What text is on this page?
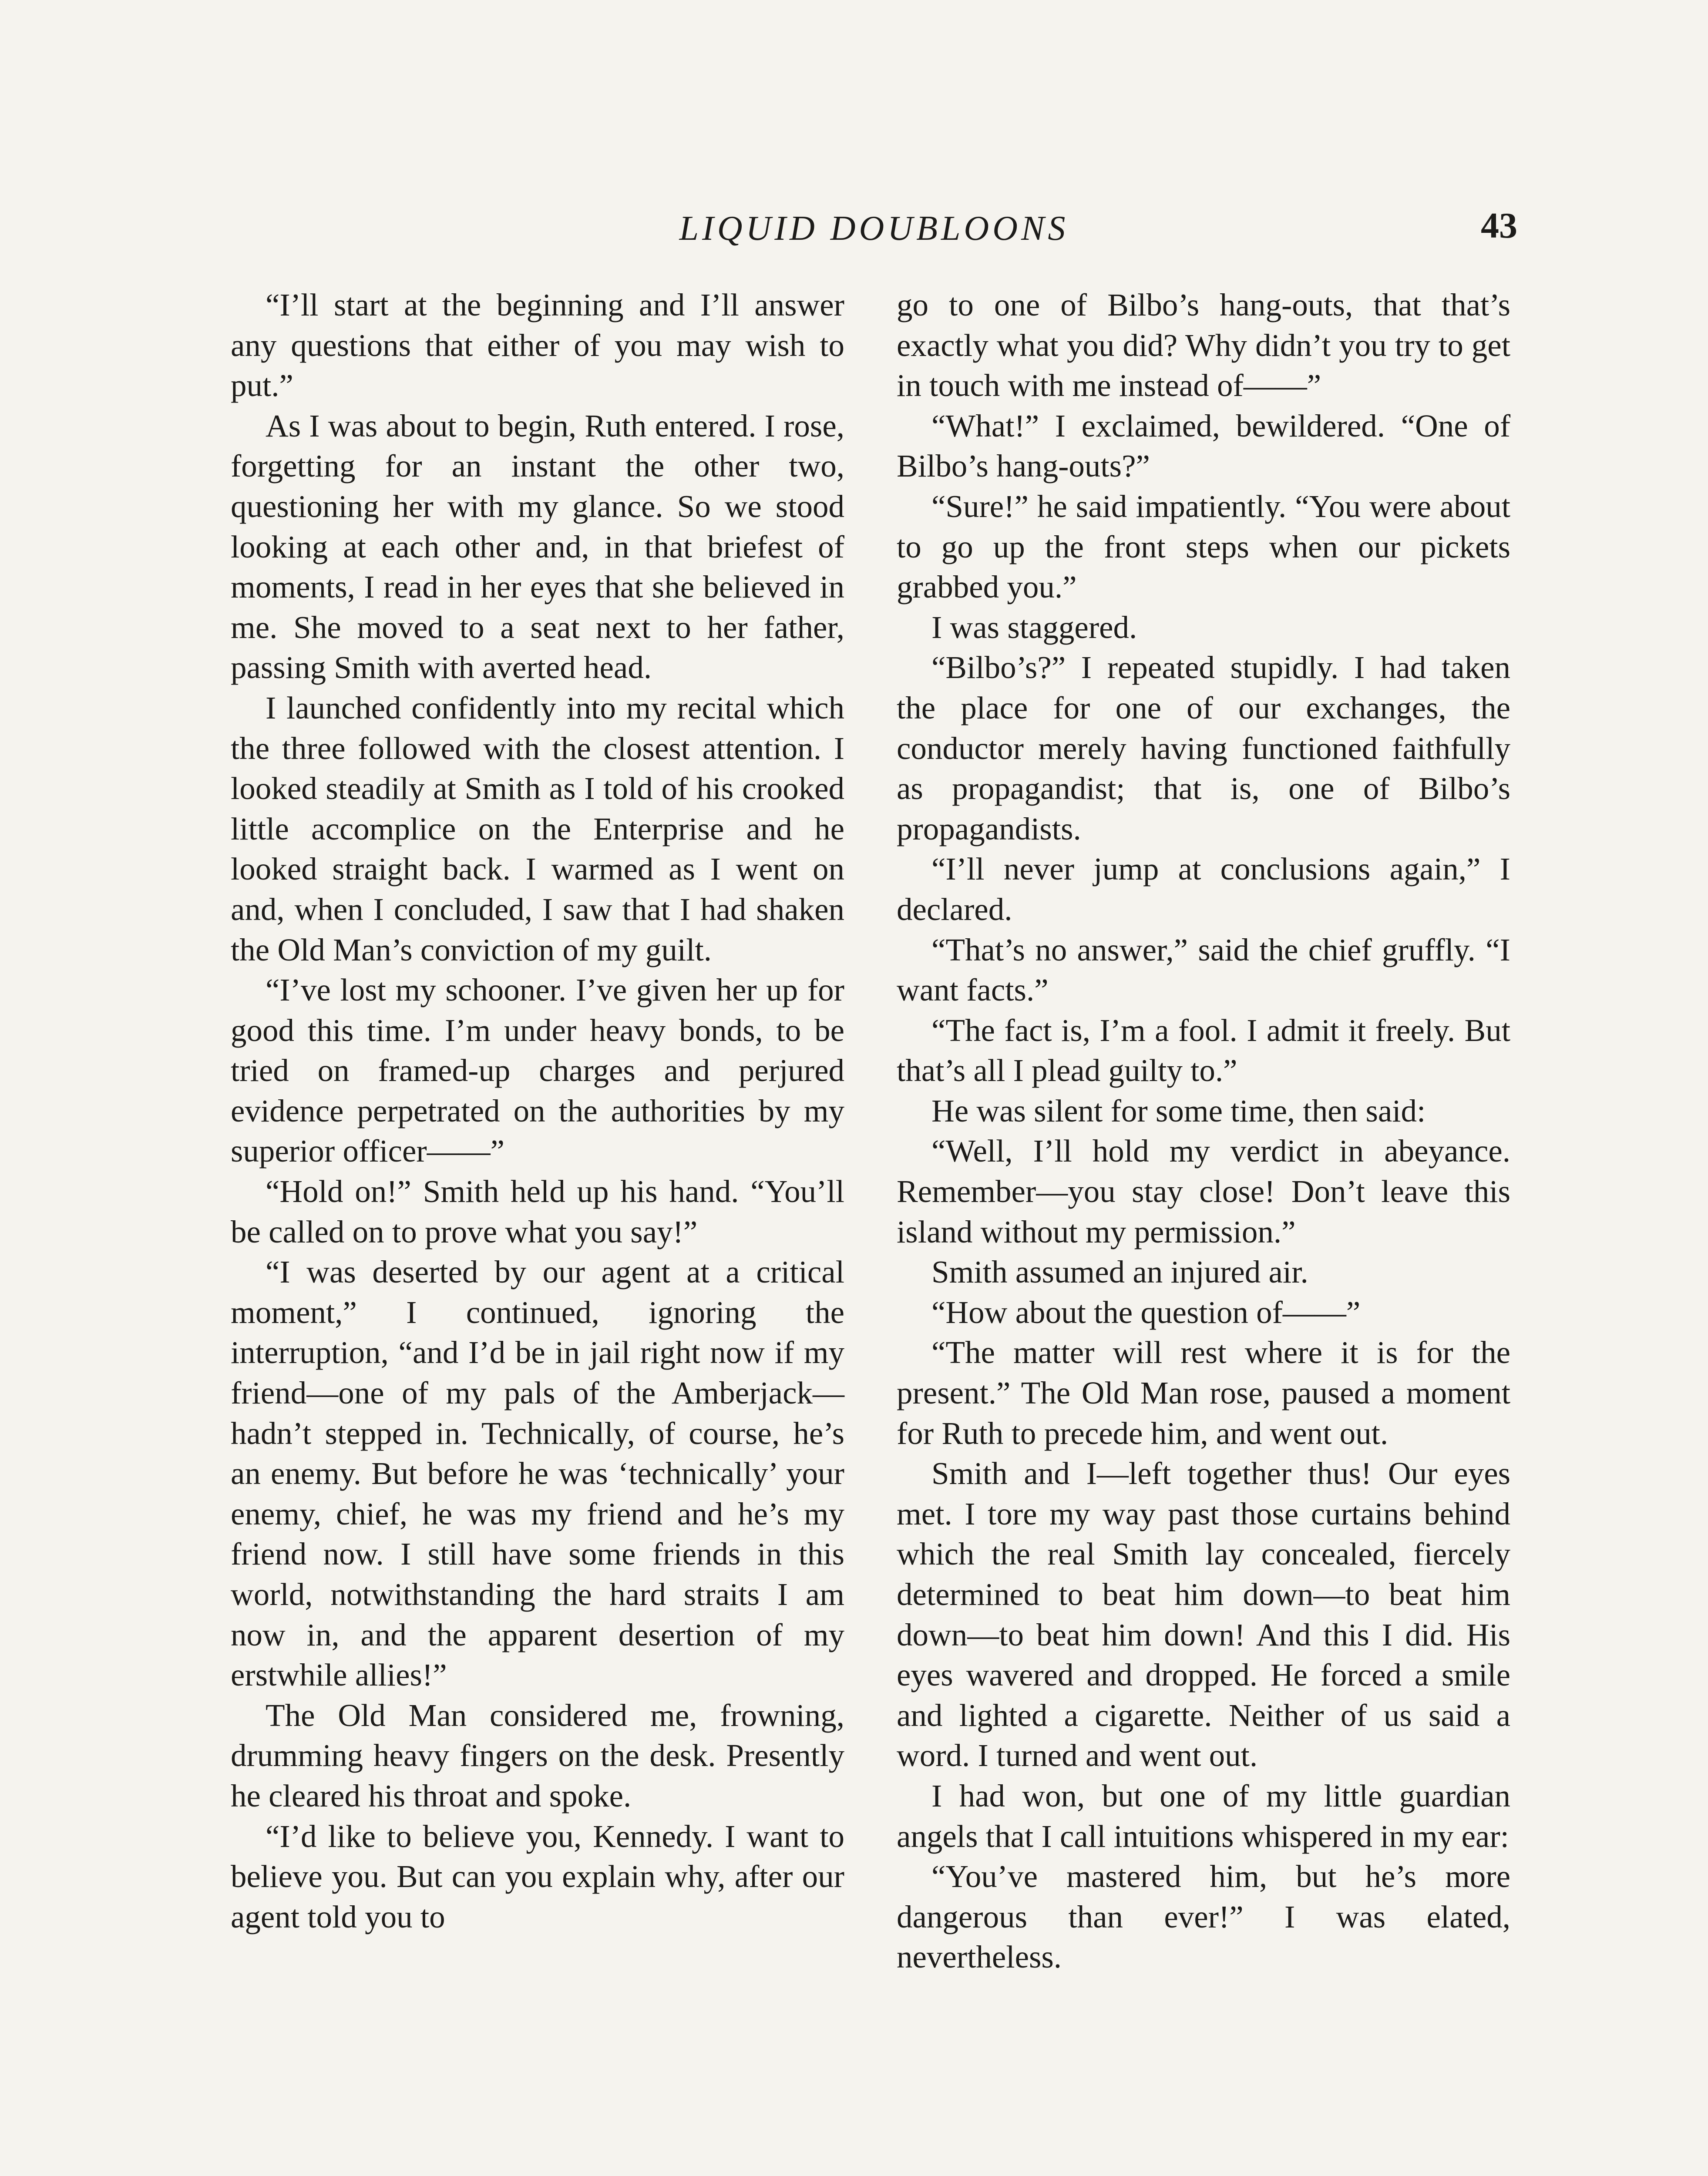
LIQUID DOUBLOONS	43

“I’ll start at the beginning and I’ll answer any questions that either of you may wish to put.”

As I was about to begin, Ruth entered. I rose, forgetting for an instant the other two, questioning her with my glance. So we stood looking at each other and, in that briefest of moments, I read in her eyes that she believed in me. She moved to a seat next to her father, passing Smith with averted head.

I launched confidently into my recital which the three followed with the closest attention. I looked steadily at Smith as I told of his crooked little accomplice on the Enterprise and he looked straight back. I warmed as I went on and, when I concluded, I saw that I had shaken the Old Man’s conviction of my guilt.

“I’ve lost my schooner. I’ve given her up for good this time. I’m under heavy bonds, to be tried on framed-up charges and perjured evidence perpetrated on the authorities by my superior officer——”

“Hold on!” Smith held up his hand. “You’ll be called on to prove what you say!”

“I was deserted by our agent at a critical moment,” I continued, ignoring the interruption, “and I’d be in jail right now if my friend—one of my pals of the Amberjack—hadn’t stepped in. Technically, of course, he’s an enemy. But before he was ‘technically’ your enemy, chief, he was my friend and he’s my friend now. I still have some friends in this world, notwithstanding the hard straits I am now in, and the apparent desertion of my erstwhile allies!”

The Old Man considered me, frowning, drumming heavy fingers on the desk. Presently he cleared his throat and spoke.

“I’d like to believe you, Kennedy. I want to believe you. But can you explain why, after our agent told you to

go to one of Bilbo’s hang-outs, that that’s exactly what you did? Why didn’t you try to get in touch with me instead of——”

“What!” I exclaimed, bewildered. “One of Bilbo’s hang-outs?”

“Sure!” he said impatiently. “You were about to go up the front steps when our pickets grabbed you.”

I was staggered.

“Bilbo’s?” I repeated stupidly. I had taken the place for one of our exchanges, the conductor merely having functioned faithfully as propagandist; that is, one of Bilbo’s propagandists.

“I’ll never jump at conclusions again,” I declared.

“That’s no answer,” said the chief gruffly. “I want facts.”

“The fact is, I’m a fool. I admit it freely. But that’s all I plead guilty to.”

He was silent for some time, then said:

“Well, I’ll hold my verdict in abeyance. Remember—you stay close! Don’t leave this island without my permission.”

Smith assumed an injured air.

“How about the question of——”

“The matter will rest where it is for the present.” The Old Man rose, paused a moment for Ruth to precede him, and went out.

Smith and I—left together thus! Our eyes met. I tore my way past those curtains behind which the real Smith lay concealed, fiercely determined to beat him down—to beat him down—to beat him down! And this I did. His eyes wavered and dropped. He forced a smile and lighted a cigarette. Neither of us said a word. I turned and went out.

I had won, but one of my little guardian angels that I call intuitions whispered in my ear:

“You’ve mastered him, but he’s more dangerous than ever!” I was elated, nevertheless.
